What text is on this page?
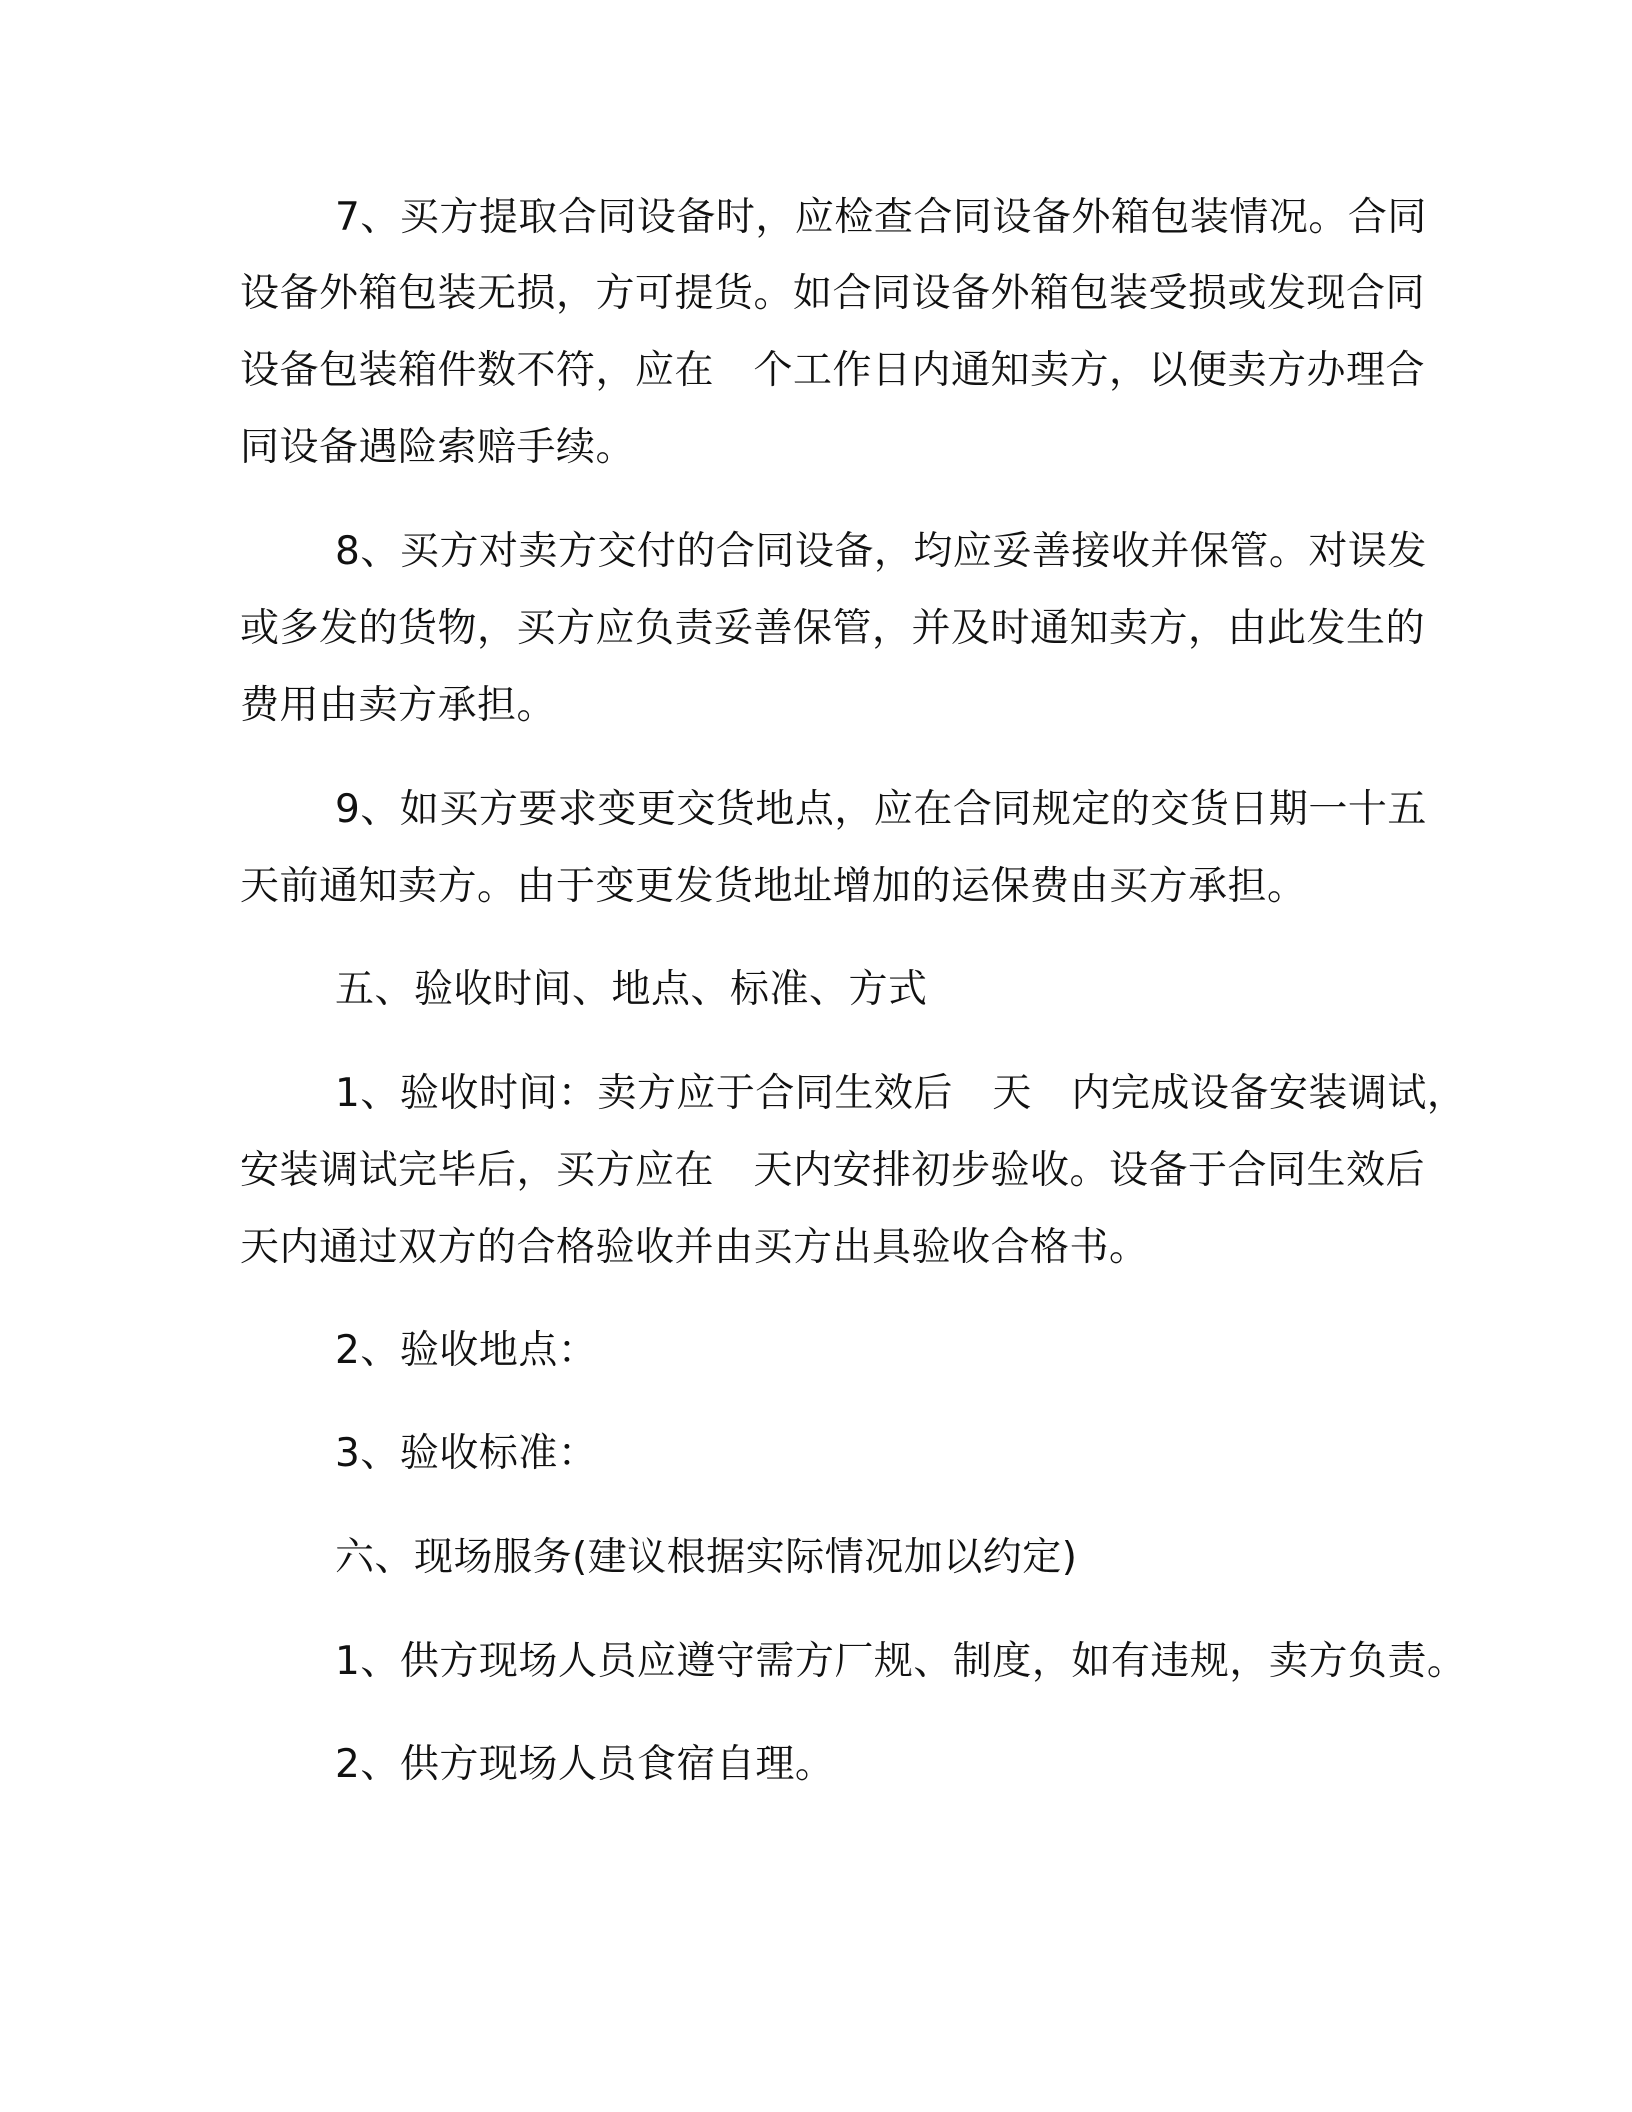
7、买方提取合同设备时，应检查合同设备外箱包装情况。合同
设备外箱包装无损，方可提货。如合同设备外箱包装受损或发现合同
设备包装箱件数不符，应在　个工作日内通知卖方，以便卖方办理合
同设备遇险索赔手续。
8、买方对卖方交付的合同设备，均应妥善接收并保管。对误发
或多发的货物，买方应负责妥善保管，并及时通知卖方，由此发生的
费用由卖方承担。
9、如买方要求变更交货地点，应在合同规定的交货日期一十五
天前通知卖方。由于变更发货地址增加的运保费由买方承担。
五、验收时间、地点、标准、方式
1、验收时间：卖方应于合同生效后　天　内完成设备安装调试，
安装调试完毕后，买方应在　天内安排初步验收。设备于合同生效后
天内通过双方的合格验收并由买方出具验收合格书。
2、验收地点：
3、验收标准：
六、现场服务(建议根据实际情况加以约定)
1、供方现场人员应遵守需方厂规、制度，如有违规，卖方负责。
2、供方现场人员食宿自理。
